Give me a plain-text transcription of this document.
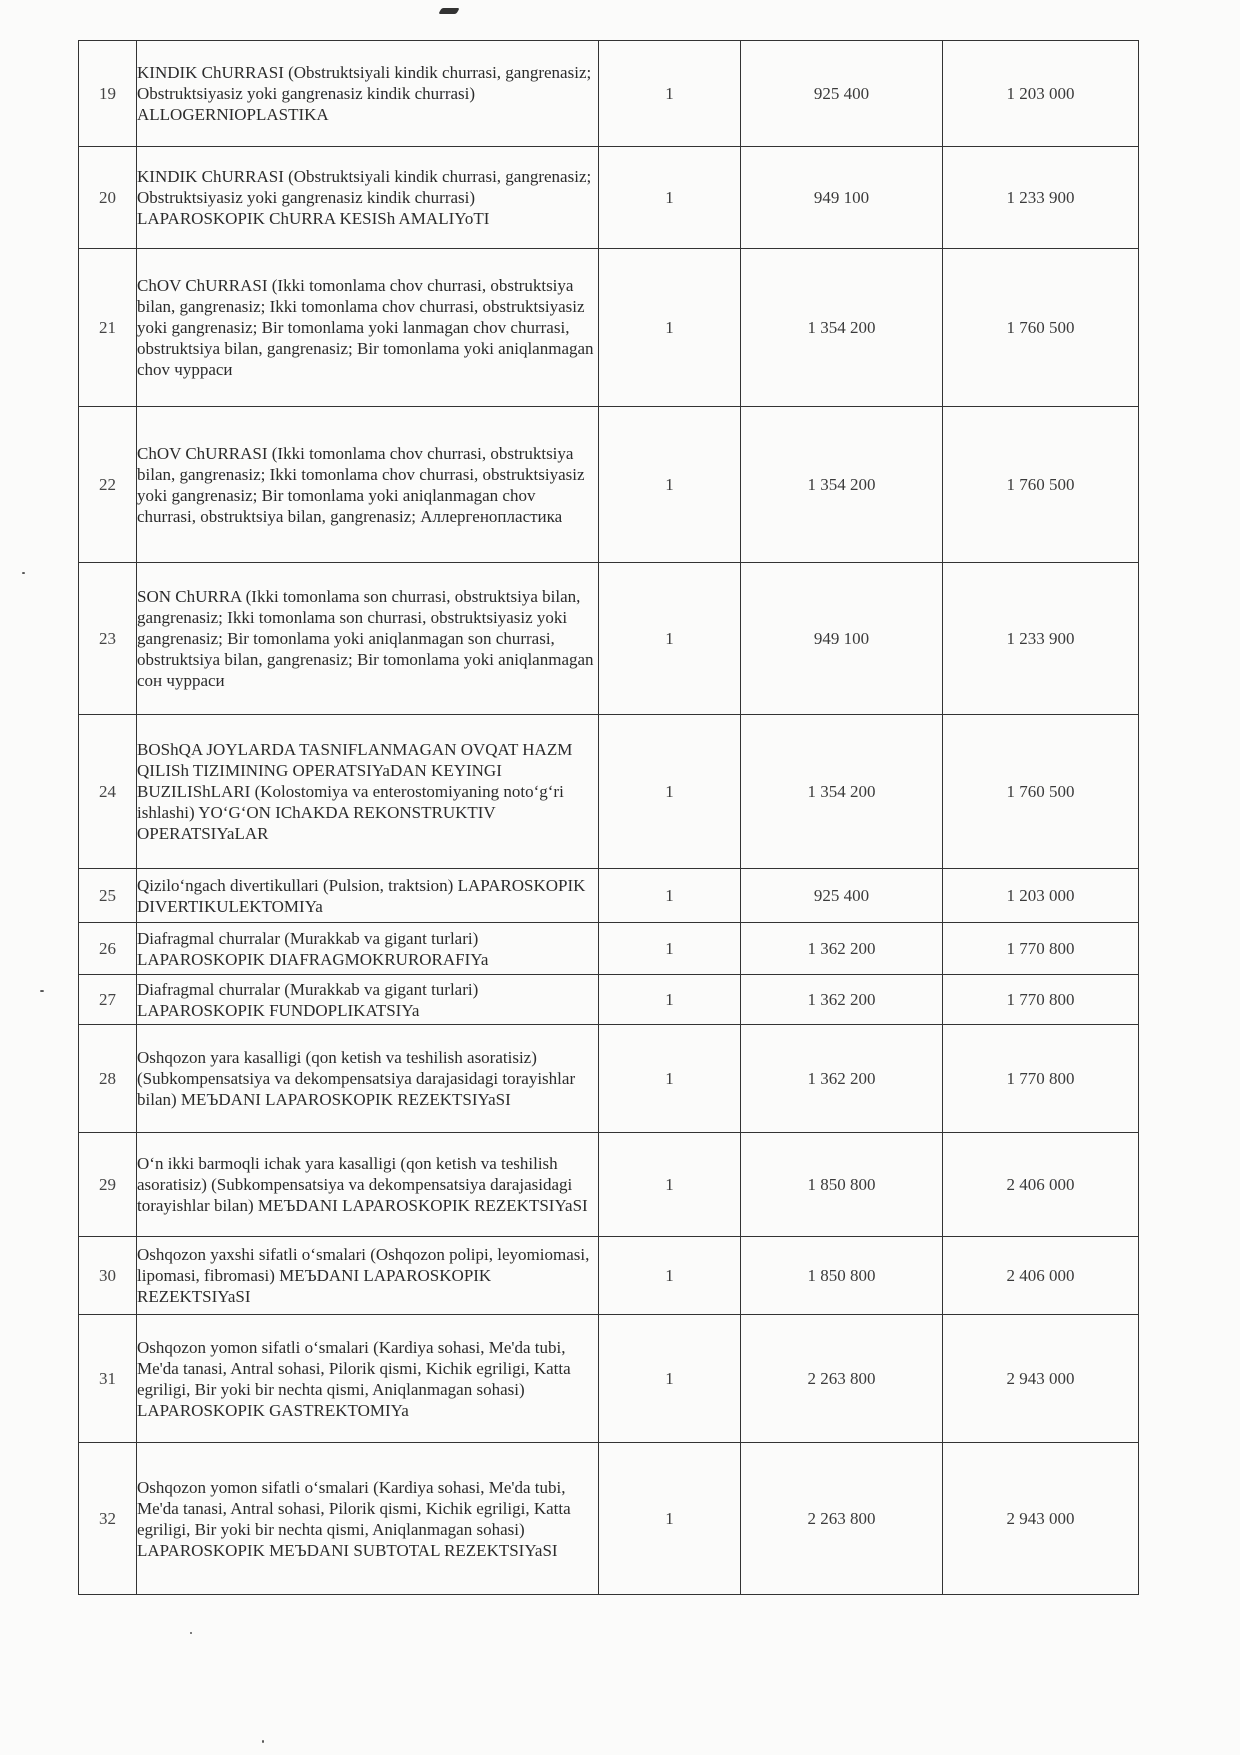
19	KINDIK ChURRASI (Obstruktsiyali kindik churrasi, gangrenasiz; Obstruktsiyasiz yoki gangrenasiz kindik churrasi) ALLOGERNIOPLASTIKA	1	925 400	1 203 000
20	KINDIK ChURRASI (Obstruktsiyali kindik churrasi, gangrenasiz; Obstruktsiyasiz yoki gangrenasiz kindik churrasi) LAPAROSKOPIK ChURRA KESISh AMALIYoTI	1	949 100	1 233 900
21	ChOV ChURRASI (Ikki tomonlama chov churrasi, obstruktsiya bilan, gangrenasiz; Ikki tomonlama chov churrasi, obstruktsiyasiz yoki gangrenasiz; Bir tomonlama yoki lanmagan chov churrasi, obstruktsiya bilan, gangrenasiz; Bir tomonlama yoki aniqlanmagan chov чурраси	1	1 354 200	1 760 500
22	ChOV ChURRASI (Ikki tomonlama chov churrasi, obstruktsiya bilan, gangrenasiz; Ikki tomonlama chov churrasi, obstruktsiyasiz yoki gangrenasiz; Bir tomonlama yoki aniqlanmagan chov churrasi, obstruktsiya bilan, gangrenasiz; Аллергенопластика	1	1 354 200	1 760 500
23	SON ChURRA (Ikki tomonlama son churrasi, obstruktsiya bilan, gangrenasiz; Ikki tomonlama son churrasi, obstruktsiyasiz yoki gangrenasiz; Bir tomonlama yoki aniqlanmagan son churrasi, obstruktsiya bilan, gangrenasiz; Bir tomonlama yoki aniqlanmagan сон чурраси	1	949 100	1 233 900
24	BOShQA JOYLARDA TASNIFLANMAGAN OVQAT HAZM QILISh TIZIMINING OPERATSIYaDAN KEYINGI BUZILIShLARI (Kolostomiya va enterostomiyaning noto‘g‘ri ishlashi) YO‘G‘ON IChAKDA REKONSTRUKTIV OPERATSIYaLAR	1	1 354 200	1 760 500
25	Qizilo‘ngach divertikullari (Pulsion, traktsion) LAPAROSKOPIK DIVERTIKULEKTOMIYa	1	925 400	1 203 000
26	Diafragmal churralar (Murakkab va gigant turlari) LAPAROSKOPIK DIAFRAGMOKRURORAFIYa	1	1 362 200	1 770 800
27	Diafragmal churralar (Murakkab va gigant turlari) LAPAROSKOPIK FUNDOPLIKATSIYa	1	1 362 200	1 770 800
28	Oshqozon yara kasalligi (qon ketish va teshilish asoratisiz) (Subkompensatsiya va dekompensatsiya darajasidagi torayishlar bilan) MEЪDANI LAPAROSKOPIK REZEKTSIYaSI	1	1 362 200	1 770 800
29	O‘n ikki barmoqli ichak yara kasalligi (qon ketish va teshilish asoratisiz) (Subkompensatsiya va dekompensatsiya darajasidagi torayishlar bilan) MEЪDANI LAPAROSKOPIK REZEKTSIYaSI	1	1 850 800	2 406 000
30	Oshqozon yaxshi sifatli o‘smalari (Oshqozon polipi, leyomiomasi, lipomasi, fibromasi) MEЪDANI LAPAROSKOPIK REZEKTSIYaSI	1	1 850 800	2 406 000
31	Oshqozon yomon sifatli o‘smalari (Kardiya sohasi, Me'da tubi, Me'da tanasi, Antral sohasi, Pilorik qismi, Kichik egriligi, Katta egriligi, Bir yoki bir nechta qismi, Aniqlanmagan sohasi) LAPAROSKOPIK GASTREKTOMIYa	1	2 263 800	2 943 000
32	Oshqozon yomon sifatli o‘smalari (Kardiya sohasi, Me'da tubi, Me'da tanasi, Antral sohasi, Pilorik qismi, Kichik egriligi, Katta egriligi, Bir yoki bir nechta qismi, Aniqlanmagan sohasi) LAPAROSKOPIK MEЪDANI SUBTOTAL REZEKTSIYaSI	1	2 263 800	2 943 000
